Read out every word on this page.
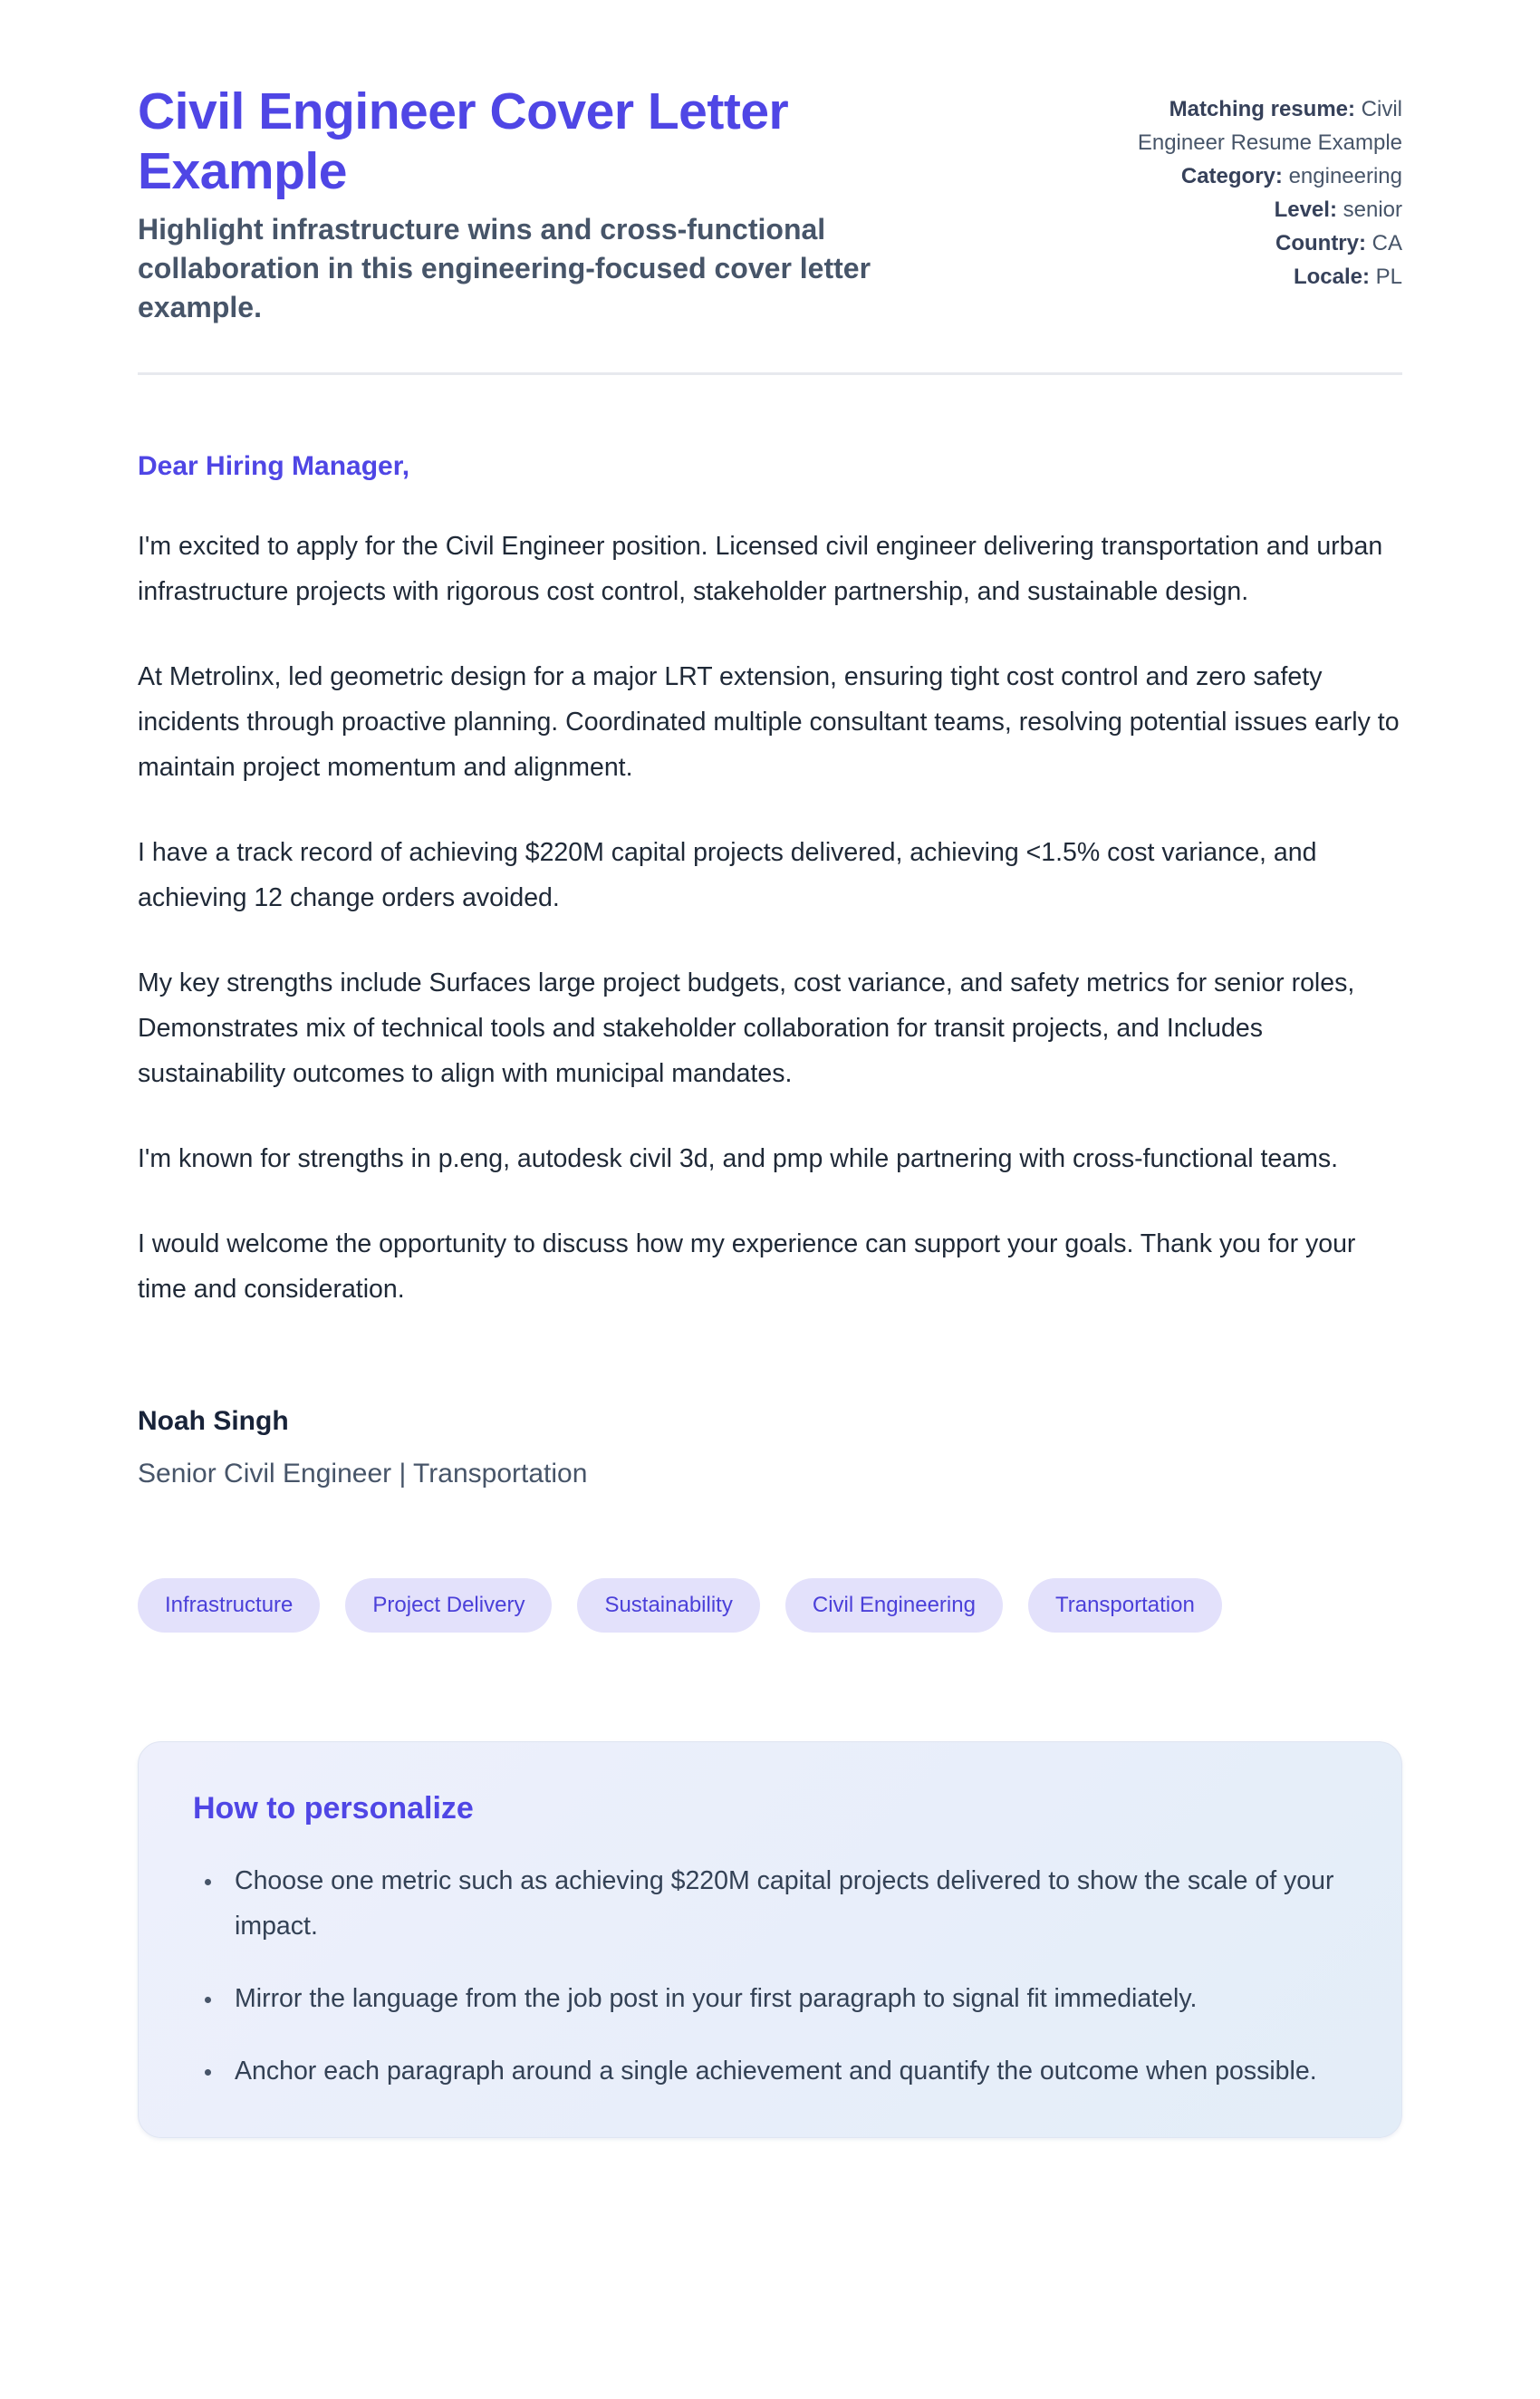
Civil Engineer Cover Letter Example

Highlight infrastructure wins and cross-functional collaboration in this engineering-focused cover letter example.

Matching resume: Civil Engineer Resume Example
Category: engineering
Level: senior
Country: CA
Locale: PL

Dear Hiring Manager,

I'm excited to apply for the Civil Engineer position. Licensed civil engineer delivering transportation and urban infrastructure projects with rigorous cost control, stakeholder partnership, and sustainable design.

At Metrolinx, led geometric design for a major LRT extension, ensuring tight cost control and zero safety incidents through proactive planning. Coordinated multiple consultant teams, resolving potential issues early to maintain project momentum and alignment.

I have a track record of achieving $220M capital projects delivered, achieving <1.5% cost variance, and achieving 12 change orders avoided.

My key strengths include Surfaces large project budgets, cost variance, and safety metrics for senior roles, Demonstrates mix of technical tools and stakeholder collaboration for transit projects, and Includes sustainability outcomes to align with municipal mandates.

I'm known for strengths in p.eng, autodesk civil 3d, and pmp while partnering with cross-functional teams.

I would welcome the opportunity to discuss how my experience can support your goals. Thank you for your time and consideration.

Noah Singh

Senior Civil Engineer | Transportation

Infrastructure	Project Delivery	Sustainability	Civil Engineering	Transportation
How to personalize
• Choose one metric such as achieving $220M capital projects delivered to show the scale of your impact.
• Mirror the language from the job post in your first paragraph to signal fit immediately.
• Anchor each paragraph around a single achievement and quantify the outcome when possible.
